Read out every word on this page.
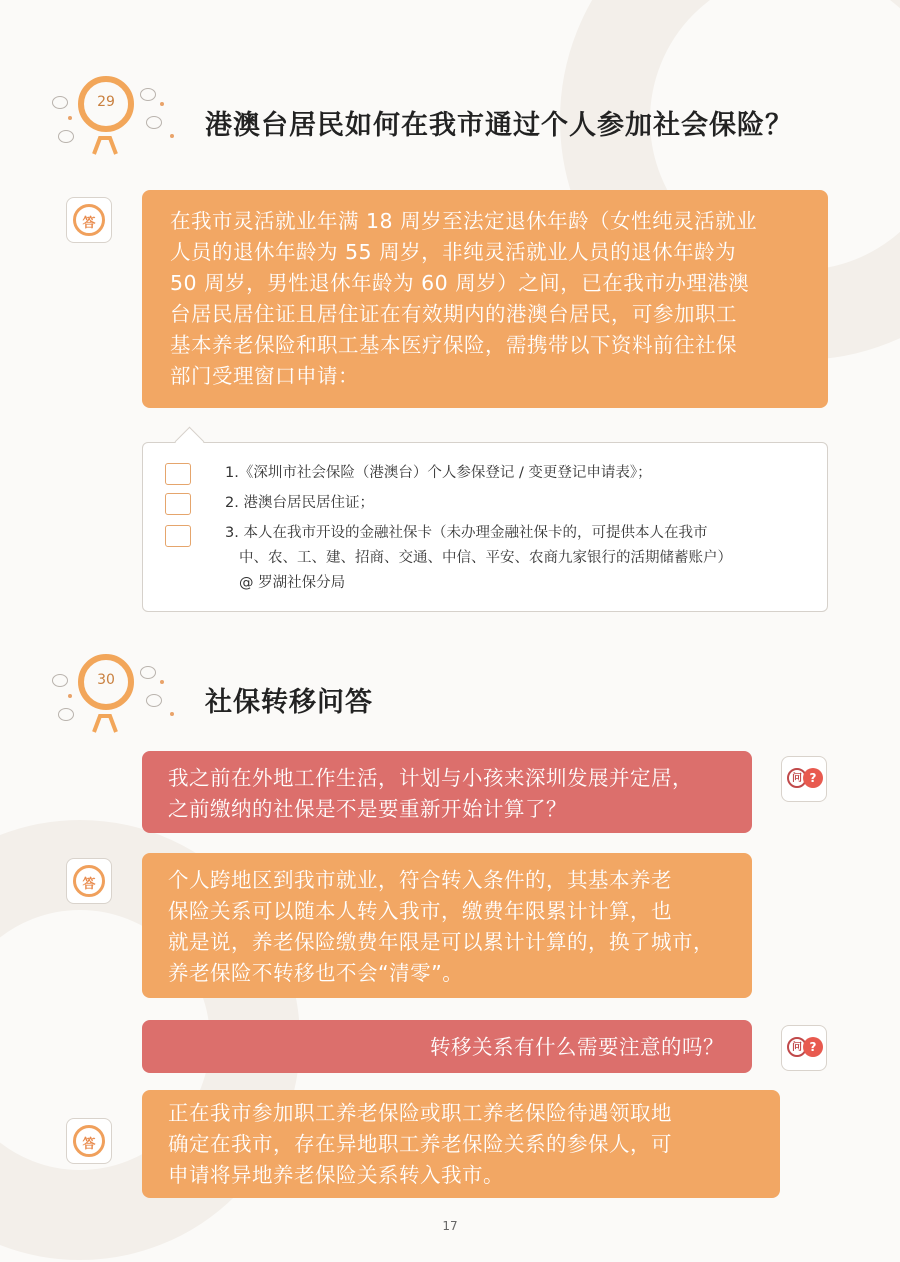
29
港澳台居民如何在我市通过个人参加社会保险？
答	在我市灵活就业年满 18 周岁至法定退休年龄（女性纯灵活就业
人员的退休年龄为 55 周岁，非纯灵活就业人员的退休年龄为
50 周岁，男性退休年龄为 60 周岁）之间，已在我市办理港澳
台居民居住证且居住证在有效期内的港澳台居民，可参加职工
基本养老保险和职工基本医疗保险，需携带以下资料前往社保
部门受理窗口申请：
1.《深圳市社会保险（港澳台）个人参保登记 / 变更登记申请表》；
2. 港澳台居民居住证；
3. 本人在我市开设的金融社保卡（未办理金融社保卡的，可提供本人在我市
中、农、工、建、招商、交通、中信、平安、农商九家银行的活期储蓄账户）
@ 罗湖社保分局
30
社保转移问答
我之前在外地工作生活，计划与小孩来深圳发展并定居，
之前缴纳的社保是不是要重新开始计算了？
问 ?
答	个人跨地区到我市就业，符合转入条件的，其基本养老
保险关系可以随本人转入我市，缴费年限累计计算，也
就是说，养老保险缴费年限是可以累计计算的，换了城市，
养老保险不转移也不会“清零”。
转移关系有什么需要注意的吗？	问 ?
答
正在我市参加职工养老保险或职工养老保险待遇领取地
确定在我市，存在异地职工养老保险关系的参保人，可
申请将异地养老保险关系转入我市。
17
